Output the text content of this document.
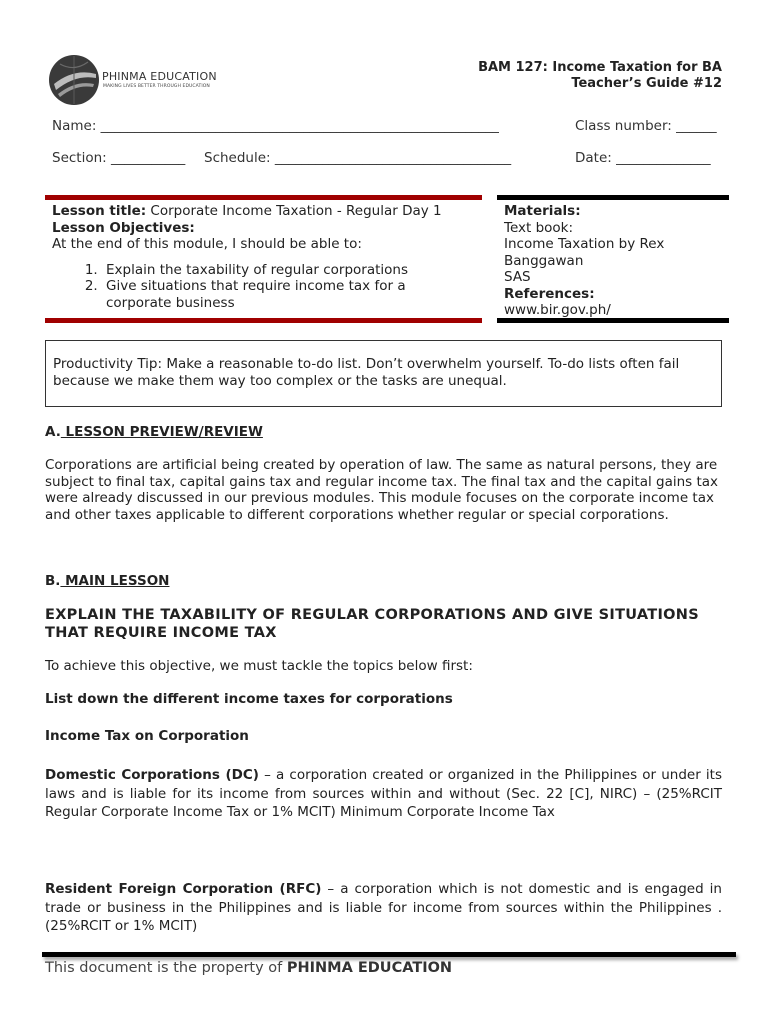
PHINMA EDUCATION
MAKING LIVES BETTER THROUGH EDUCATION
BAM 127: Income Taxation for BA
Teacher’s Guide #12
Name: ___________________________________________________________	Class number: ______
Section: ___________ Schedule: ___________________________________	Date: ______________
Lesson title: Corporate Income Taxation - Regular Day 1
Lesson Objectives:
At the end of this module, I should be able to:
1. Explain the taxability of regular corporations
2. Give situations that require income tax for a corporate business
Materials:
Text book:
Income Taxation by Rex Banggawan
SAS
References:
www.bir.gov.ph/
Productivity Tip: Make a reasonable to-do list. Don’t overwhelm yourself. To-do lists often fail because we make them way too complex or the tasks are unequal.
A. LESSON PREVIEW/REVIEW
Corporations are artificial being created by operation of law. The same as natural persons, they are subject to final tax, capital gains tax and regular income tax. The final tax and the capital gains tax were already discussed in our previous modules. This module focuses on the corporate income tax and other taxes applicable to different corporations whether regular or special corporations.
B. MAIN LESSON
EXPLAIN THE TAXABILITY OF REGULAR CORPORATIONS AND GIVE SITUATIONS THAT REQUIRE INCOME TAX
To achieve this objective, we must tackle the topics below first:
List down the different income taxes for corporations
Income Tax on Corporation
Domestic Corporations (DC) – a corporation created or organized in the Philippines or under its laws and is liable for its income from sources within and without (Sec. 22 [C], NIRC) – (25%RCIT Regular Corporate Income Tax or 1% MCIT) Minimum Corporate Income Tax
Resident Foreign Corporation (RFC) – a corporation which is not domestic and is engaged in trade or business in the Philippines and is liable for income from sources within the Philippines . (25%RCIT or 1% MCIT)
This document is the property of PHINMA EDUCATION
